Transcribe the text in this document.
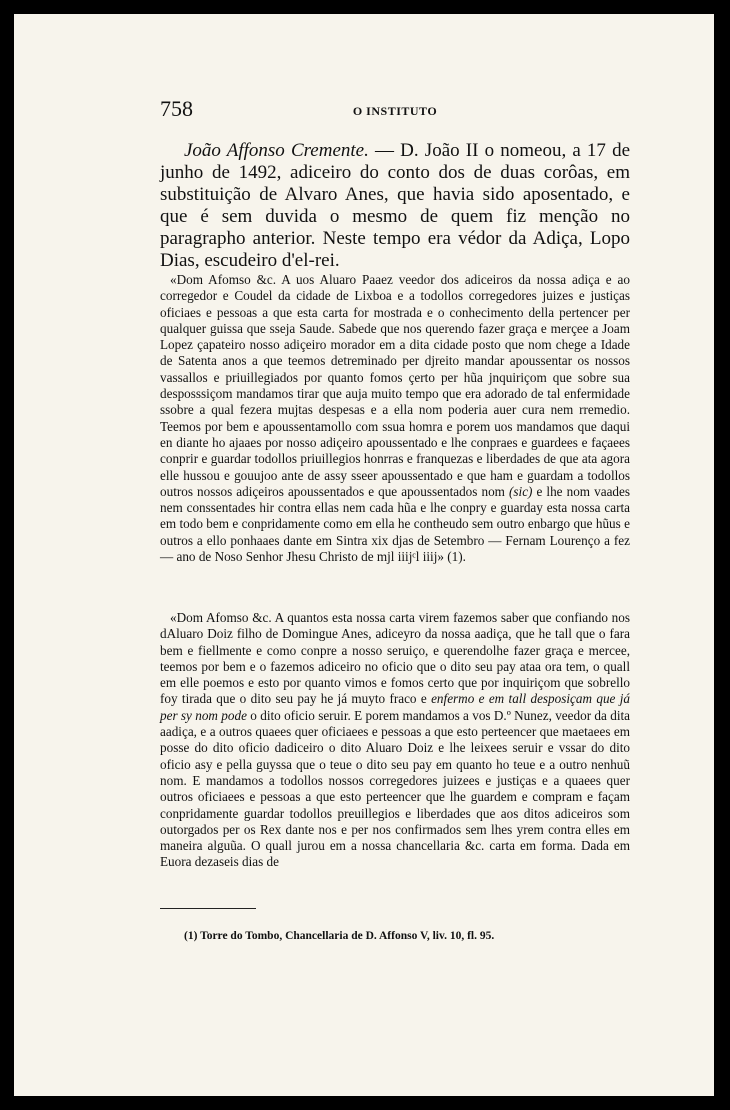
758	O INSTITUTO

João Affonso Cremente. — D. João II o nomeou, a 17 de junho de 1492, adiceiro do conto dos de duas corôas, em substituição de Alvaro Anes, que havia sido aposentado, e que é sem duvida o mesmo de quem fiz menção no paragrapho anterior. Neste tempo era védor da Adiça, Lopo Dias, escudeiro d'el-rei.

«Dom Afomso &c. A uos Aluaro Paaez veedor dos adiceiros da nossa adiça e ao corregedor e Coudel da cidade de Lixboa e a todollos corregedores juizes e justiças oficiaes e pessoas a que esta carta for mostrada e o conhecimento della pertencer per qualquer guissa que sseja Saude. Sabede que nos querendo fazer graça e merçee a Joam Lopez çapateiro nosso adiçeiro morador em a dita cidade posto que nom chege a Idade de Satenta anos a que teemos detreminado per djreito mandar apoussentar os nossos vassallos e priuillegiados por quanto fomos çerto per hũa jnquiriçom que sobre sua desposssiçom mandamos tirar que auja muito tempo que era adorado de tal enfermidade ssobre a qual fezera mujtas despesas e a ella nom poderia auer cura nem rremedio. Teemos por bem e apoussentamollo com ssua homra e porem uos mandamos que daqui en diante ho ajaaes por nosso adiçeiro apoussentado e lhe conpraes e guardees e façaees conprir e guardar todollos priuillegios honrras e franquezas e liberdades de que ata agora elle hussou e gouujoo ante de assy sseer apoussentado e que ham e guardam a todollos outros nossos adiçeiros apoussentados e que apoussentados nom (sic) e lhe nom vaades nem conssentades hir contra ellas nem cada hũa e lhe conpry e guarday esta nossa carta em todo bem e conpridamente como em ella he contheudo sem outro enbargo que hũus e outros a ello ponhaaes dante em Sintra xix djas de Setembro — Fernam Lourenço a fez — ano de Noso Senhor Jhesu Christo de mjl iiijᶜl iiij» (1).

«Dom Afomso &c. A quantos esta nossa carta virem fazemos saber que confiando nos dAluaro Doiz filho de Domingue Anes, adiceyro da nossa aadiça, que he tall que o fara bem e fiellmente e como conpre a nosso seruiço, e querendolhe fazer graça e mercee, teemos por bem e o fazemos adiceiro no oficio que o dito seu pay ataa ora tem, o quall em elle poemos e esto por quanto vimos e fomos certo que por inquiriçom que sobrello foy tirada que o dito seu pay he já muyto fraco e enfermo e em tall desposiçam que já per sy nom pode o dito oficio seruir. E porem mandamos a vos D.º Nunez, veedor da dita aadiça, e a outros quaees quer oficiaees e pessoas a que esto perteencer que maetaees em posse do dito oficio dadiceiro o dito Aluaro Doiz e lhe leixees seruir e vssar do dito oficio asy e pella guyssa que o teue o dito seu pay em quanto ho teue e a outro nenhuũ nom. E mandamos a todollos nossos corregedores juizees e justiças e a quaees quer outros oficiaees e pessoas a que esto perteencer que lhe guardem e compram e façam conpridamente guardar todollos preuillegios e liberdades que aos ditos adiceiros som outorgados per os Rex dante nos e per nos confirmados sem lhes yrem contra elles em maneira alguũa. O quall jurou em a nossa chancellaria &c. carta em forma. Dada em Euora dezaseis dias de

(1) Torre do Tombo, Chancellaria de D. Affonso V, liv. 10, fl. 95.
